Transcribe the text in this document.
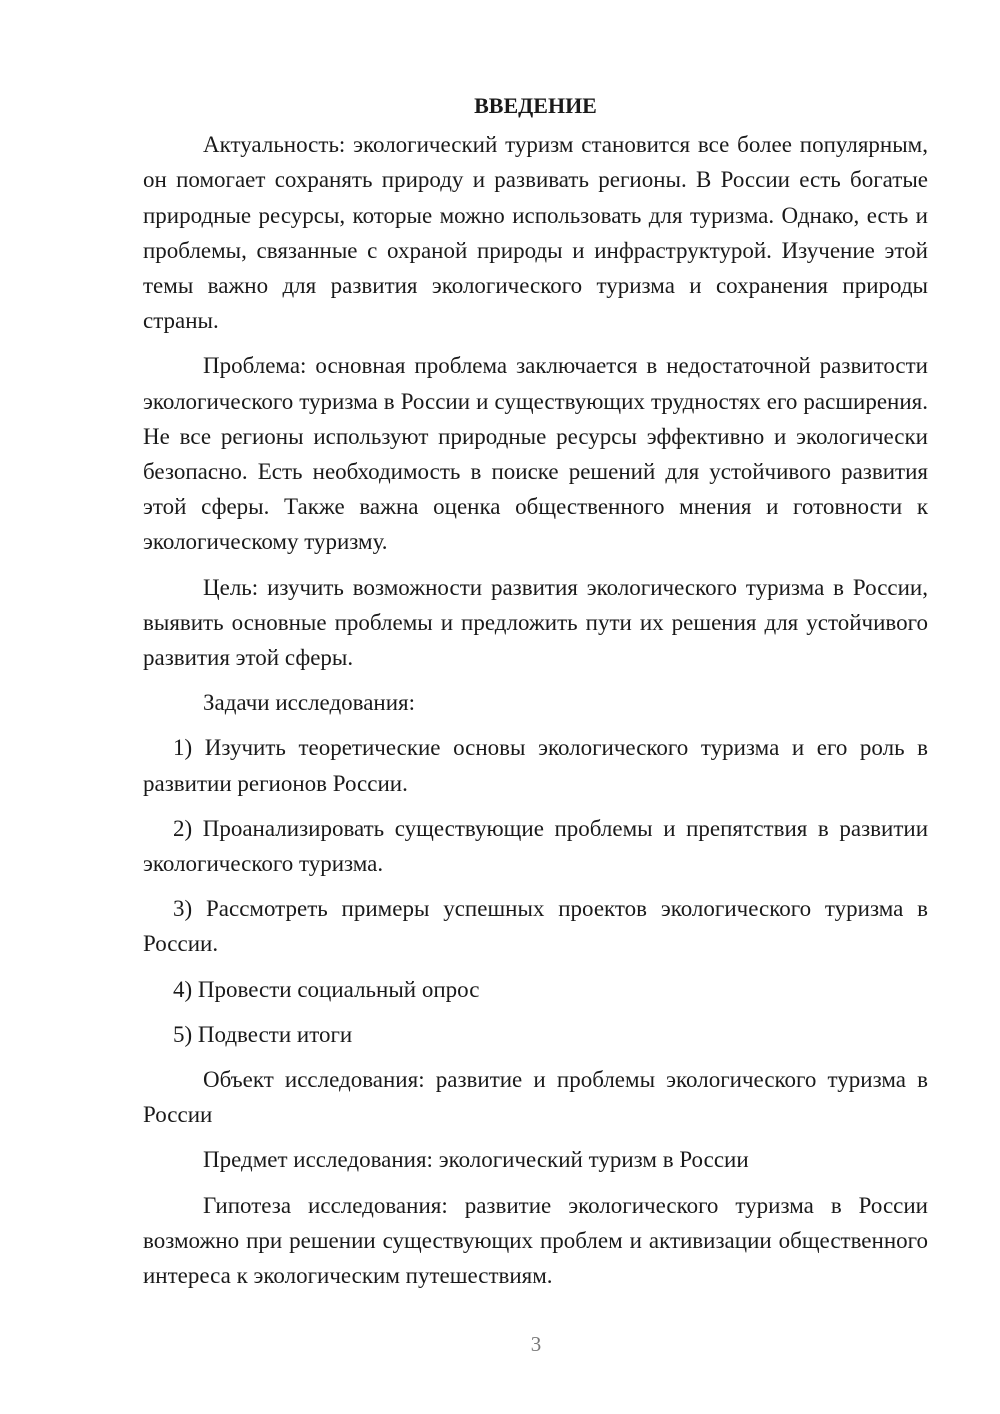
ВВЕДЕНИЕ

Актуальность: экологический туризм становится все более популярным, он помогает сохранять природу и развивать регионы. В России есть богатые природные ресурсы, которые можно использовать для туризма. Однако, есть и проблемы, связанные с охраной природы и инфраструктурой. Изучение этой темы важно для развития экологического туризма и сохранения природы страны.

Проблема: основная проблема заключается в недостаточной развитости экологического туризма в России и существующих трудностях его расширения. Не все регионы используют природные ресурсы эффективно и экологически безопасно. Есть необходимость в поиске решений для устойчивого развития этой сферы. Также важна оценка общественного мнения и готовности к экологическому туризму.

Цель: изучить возможности развития экологического туризма в России, выявить основные проблемы и предложить пути их решения для устойчивого развития этой сферы.

Задачи исследования:

1) Изучить теоретические основы экологического туризма и его роль в развитии регионов России.

2) Проанализировать существующие проблемы и препятствия в развитии экологического туризма.

3) Рассмотреть примеры успешных проектов экологического туризма в России.

4) Провести социальный опрос

5) Подвести итоги

Объект исследования: развитие и проблемы экологического туризма в России

Предмет исследования: экологический туризм в России

Гипотеза исследования: развитие экологического туризма в России возможно при решении существующих проблем и активизации общественного интереса к экологическим путешествиям.

3
